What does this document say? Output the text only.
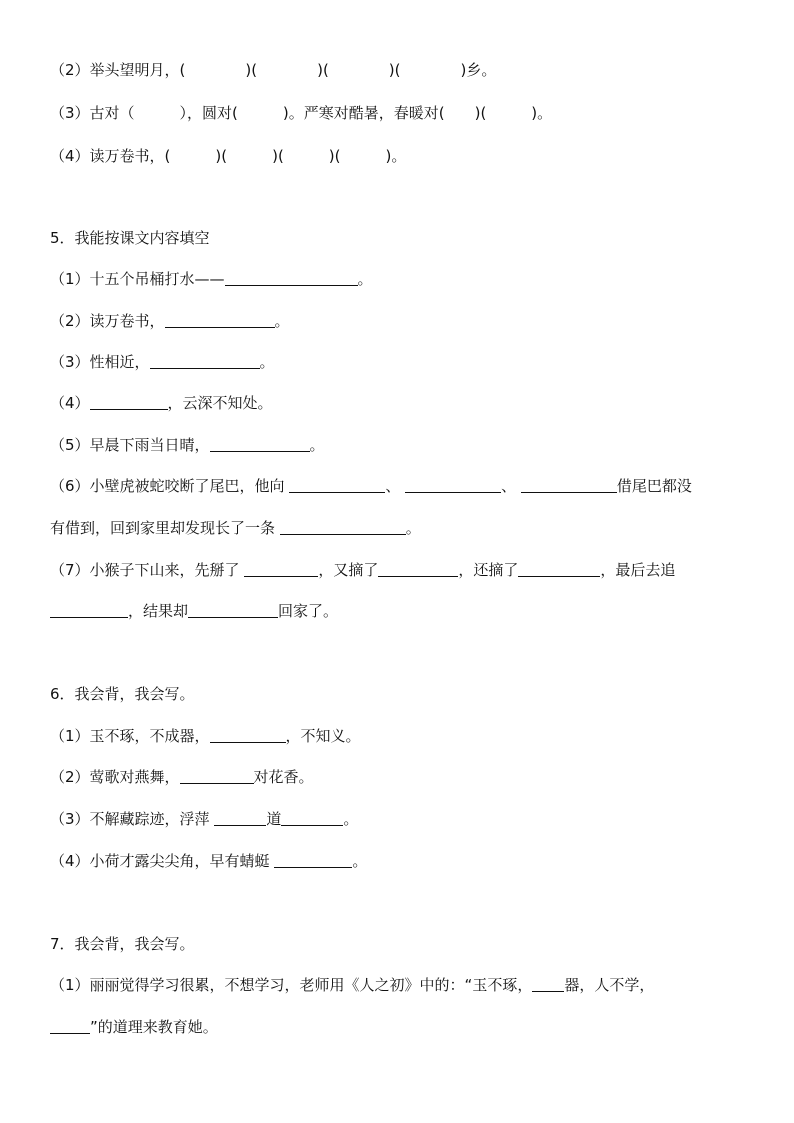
（2）举头望明月，(　　　　)(　　　　)(　　　　)(　　　　)乡。
（3）古对（　　　），圆对(　　　)。严寒对酷暑，春暖对(　　)(　　　)。
（4）读万卷书，(　　　)(　　　)(　　　)(　　　)。
5．我能按课文内容填空
（1）十五个吊桶打水——	。
（2）读万卷书，	。
（3）性相近，	。
（4）	，云深不知处。
（5）早晨下雨当日晴，	。
（6）小壁虎被蛇咬断了尾巴，他向	、	、	借尾巴都没
有借到，回到家里却发现长了一条	。
（7）小猴子下山来，先掰了	，又摘了	，还摘了	，最后去追
，结果却	回家了。
6．我会背，我会写。
（1）玉不琢，不成器，	，不知义。
（2）莺歌对燕舞，	对花香。
（3）不解藏踪迹，浮萍	道	。
（4）小荷才露尖尖角，早有蜻蜓	。
7．我会背，我会写。
（1）丽丽觉得学习很累，不想学习，老师用《人之初》中的：“玉不琢， 器，人不学，
”的道理来教育她。
